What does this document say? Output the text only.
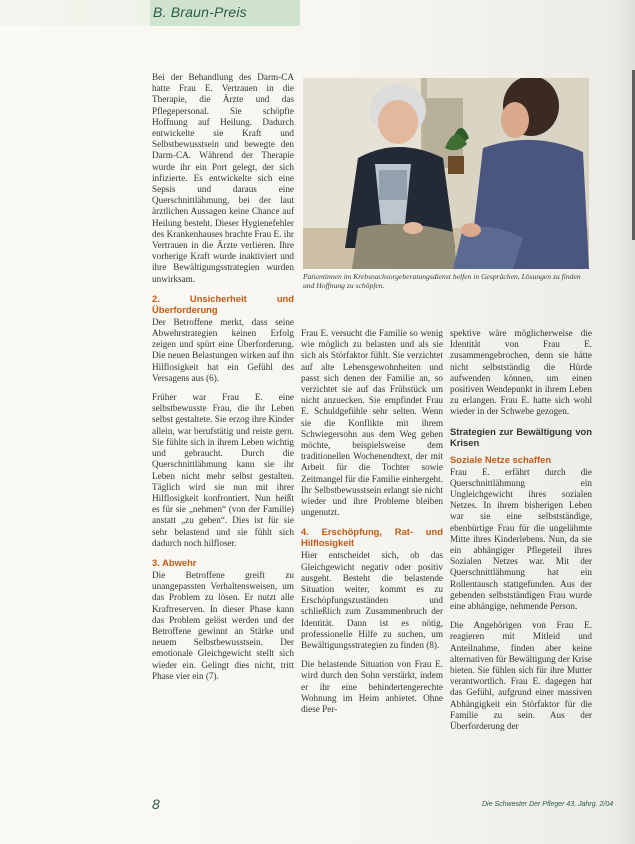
B. Braun-Preis
Patientinnen im Krebsnachsorgeberatungsdienst helfen in Gesprächen, Lösungen zu finden und Hoffnung zu schöpfen.

Bei der Behandlung des Darm-CA hatte Frau E. Vertrauen in die Therapie, die Ärzte und das Pflegepersonal. Sie schöpfte Hoffnung auf Heilung. Dadurch entwickelte sie Kraft und Selbstbewusstsein und bewegte den Darm-CA. Während der Therapie wurde ihr ein Port gelegt, der sich infizierte. Es entwickelte sich eine Sepsis und daraus eine Querschnittlähmung, bei der laut ärztlichen Aussagen keine Chance auf Heilung besteht. Dieser Hygienefehler des Krankenhauses brachte Frau E. ihr Vertrauen in die Ärzte verlieren. Ihre vorherige Kraft wurde inaktiviert und ihre Bewältigungsstrategien wurden unwirksam.

2. Unsicherheit und Überforderung

Der Betroffene merkt, dass seine Abwehrstrategien keinen Erfolg zeigen und spürt eine Überforderung. Die neuen Belastungen wirken auf ihn Hilflosigkeit hat ein Gefühl des Versagens aus (6).

Früher war Frau E. eine selbstbewusste Frau, die ihr Leben selbst gestaltete. Sie erzog ihre Kinder allein, war berufstätig und reiste gern. Sie fühlte sich in ihrem Leben wichtig und gebraucht. Durch die Querschnittlähmung kann sie ihr Leben nicht mehr selbst gestalten. Täglich wird sie nun mit ihrer Hilflosigkeit konfrontiert. Nun heißt es für sie „nehmen“ (von der Familie) anstatt „zu geben“. Dies ist für sie sehr belastend und sie fühlt sich dadurch noch hilfloser.

3. Abwehr

Die Betroffene greift zu unangepassten Verhaltensweisen, um das Problem zu lösen. Er nutzt alle Kraftreserven. In dieser Phase kann das Problem gelöst werden und der Betroffene gewinnt an Stärke und neuem Selbstbewusstsein. Der emotionale Gleichgewicht stellt sich wieder ein. Gelingt dies nicht, tritt Phase vier ein (7).

Frau E. versucht die Familie so wenig wie möglich zu belasten und als sie sich als Störfaktor fühlt. Sie verzichtet auf alte Lebensgewohnheiten und passt sich denen der Familie an, so verzichtet sie auf das Frühstück um nicht anzuecken. Sie empfindet Frau E. Schuldgefühle sehr selten. Wenn sie die Konflikte mit ihrem Schwiegersohn aus dem Weg gehen möchte, beispielsweise dem traditionellen Wochenendtext, der mit Arbeit für die Tochter sowie Zeitmangel für die Familie einhergeht. Ihr Selbstbewusstsein erlangt sie nicht wieder und ihre Probleme bleiben ungenutzt.

4. Erschöpfung, Rat- und Hilflosigkeit

Hier entscheidet sich, ob das Gleichgewicht negativ oder positiv ausgeht. Besteht die belastende Situation weiter, kommt es zu Erschöpfungszuständen und schließlich zum Zusammenbruch der Identität. Dann ist es nötig, professionelle Hilfe zu suchen, um Bewältigungsstrategien zu finden (8).

Die belastende Situation von Frau E. wird durch den Sohn verstärkt, indem er ihr eine behindertengerechte Wohnung im Heim anbietet. Ohne diese Per-

spektive wäre möglicherweise die Identität von Frau E. zusammengebrochen, denn sie hätte nicht selbstständig die Hürde aufwenden können, um einen positiven Wendepunkt in ihrem Leben zu erlangen. Frau E. hatte sich wohl wieder in der Schwebe gezogen.

Strategien zur Bewältigung von Krisen
Soziale Netze schaffen

Frau E. erfährt durch die Querschnittlähmung ein Ungleichgewicht ihres sozialen Netzes. In ihrem bisherigen Leben war sie eine selbstständige, ebenbürtige Frau für die ungelähmte Mitte ihres Kinderlebens. Nun, da sie ein abhängiger Pflegeteil ihres Sozialen Netzes war. Mit der Querschnittlähmung hat ein Rollentausch stattgefunden. Aus der gebenden selbstständigen Frau wurde eine abhängige, nehmende Person.

Die Angehörigen von Frau E. reagieren mit Mitleid und Anteilnahme, finden aber keine alternativen für Bewältigung der Krise bieten. Sie fühlen sich für ihre Mutter verantwortlich. Frau E. dagegen hat das Gefühl, aufgrund einer massiven Abhängigkeit ein Störfaktor für die Familie zu sein. Aus der Überforderung der

8	Die Schwester Der Pfleger 43. Jahrg. 2/04
